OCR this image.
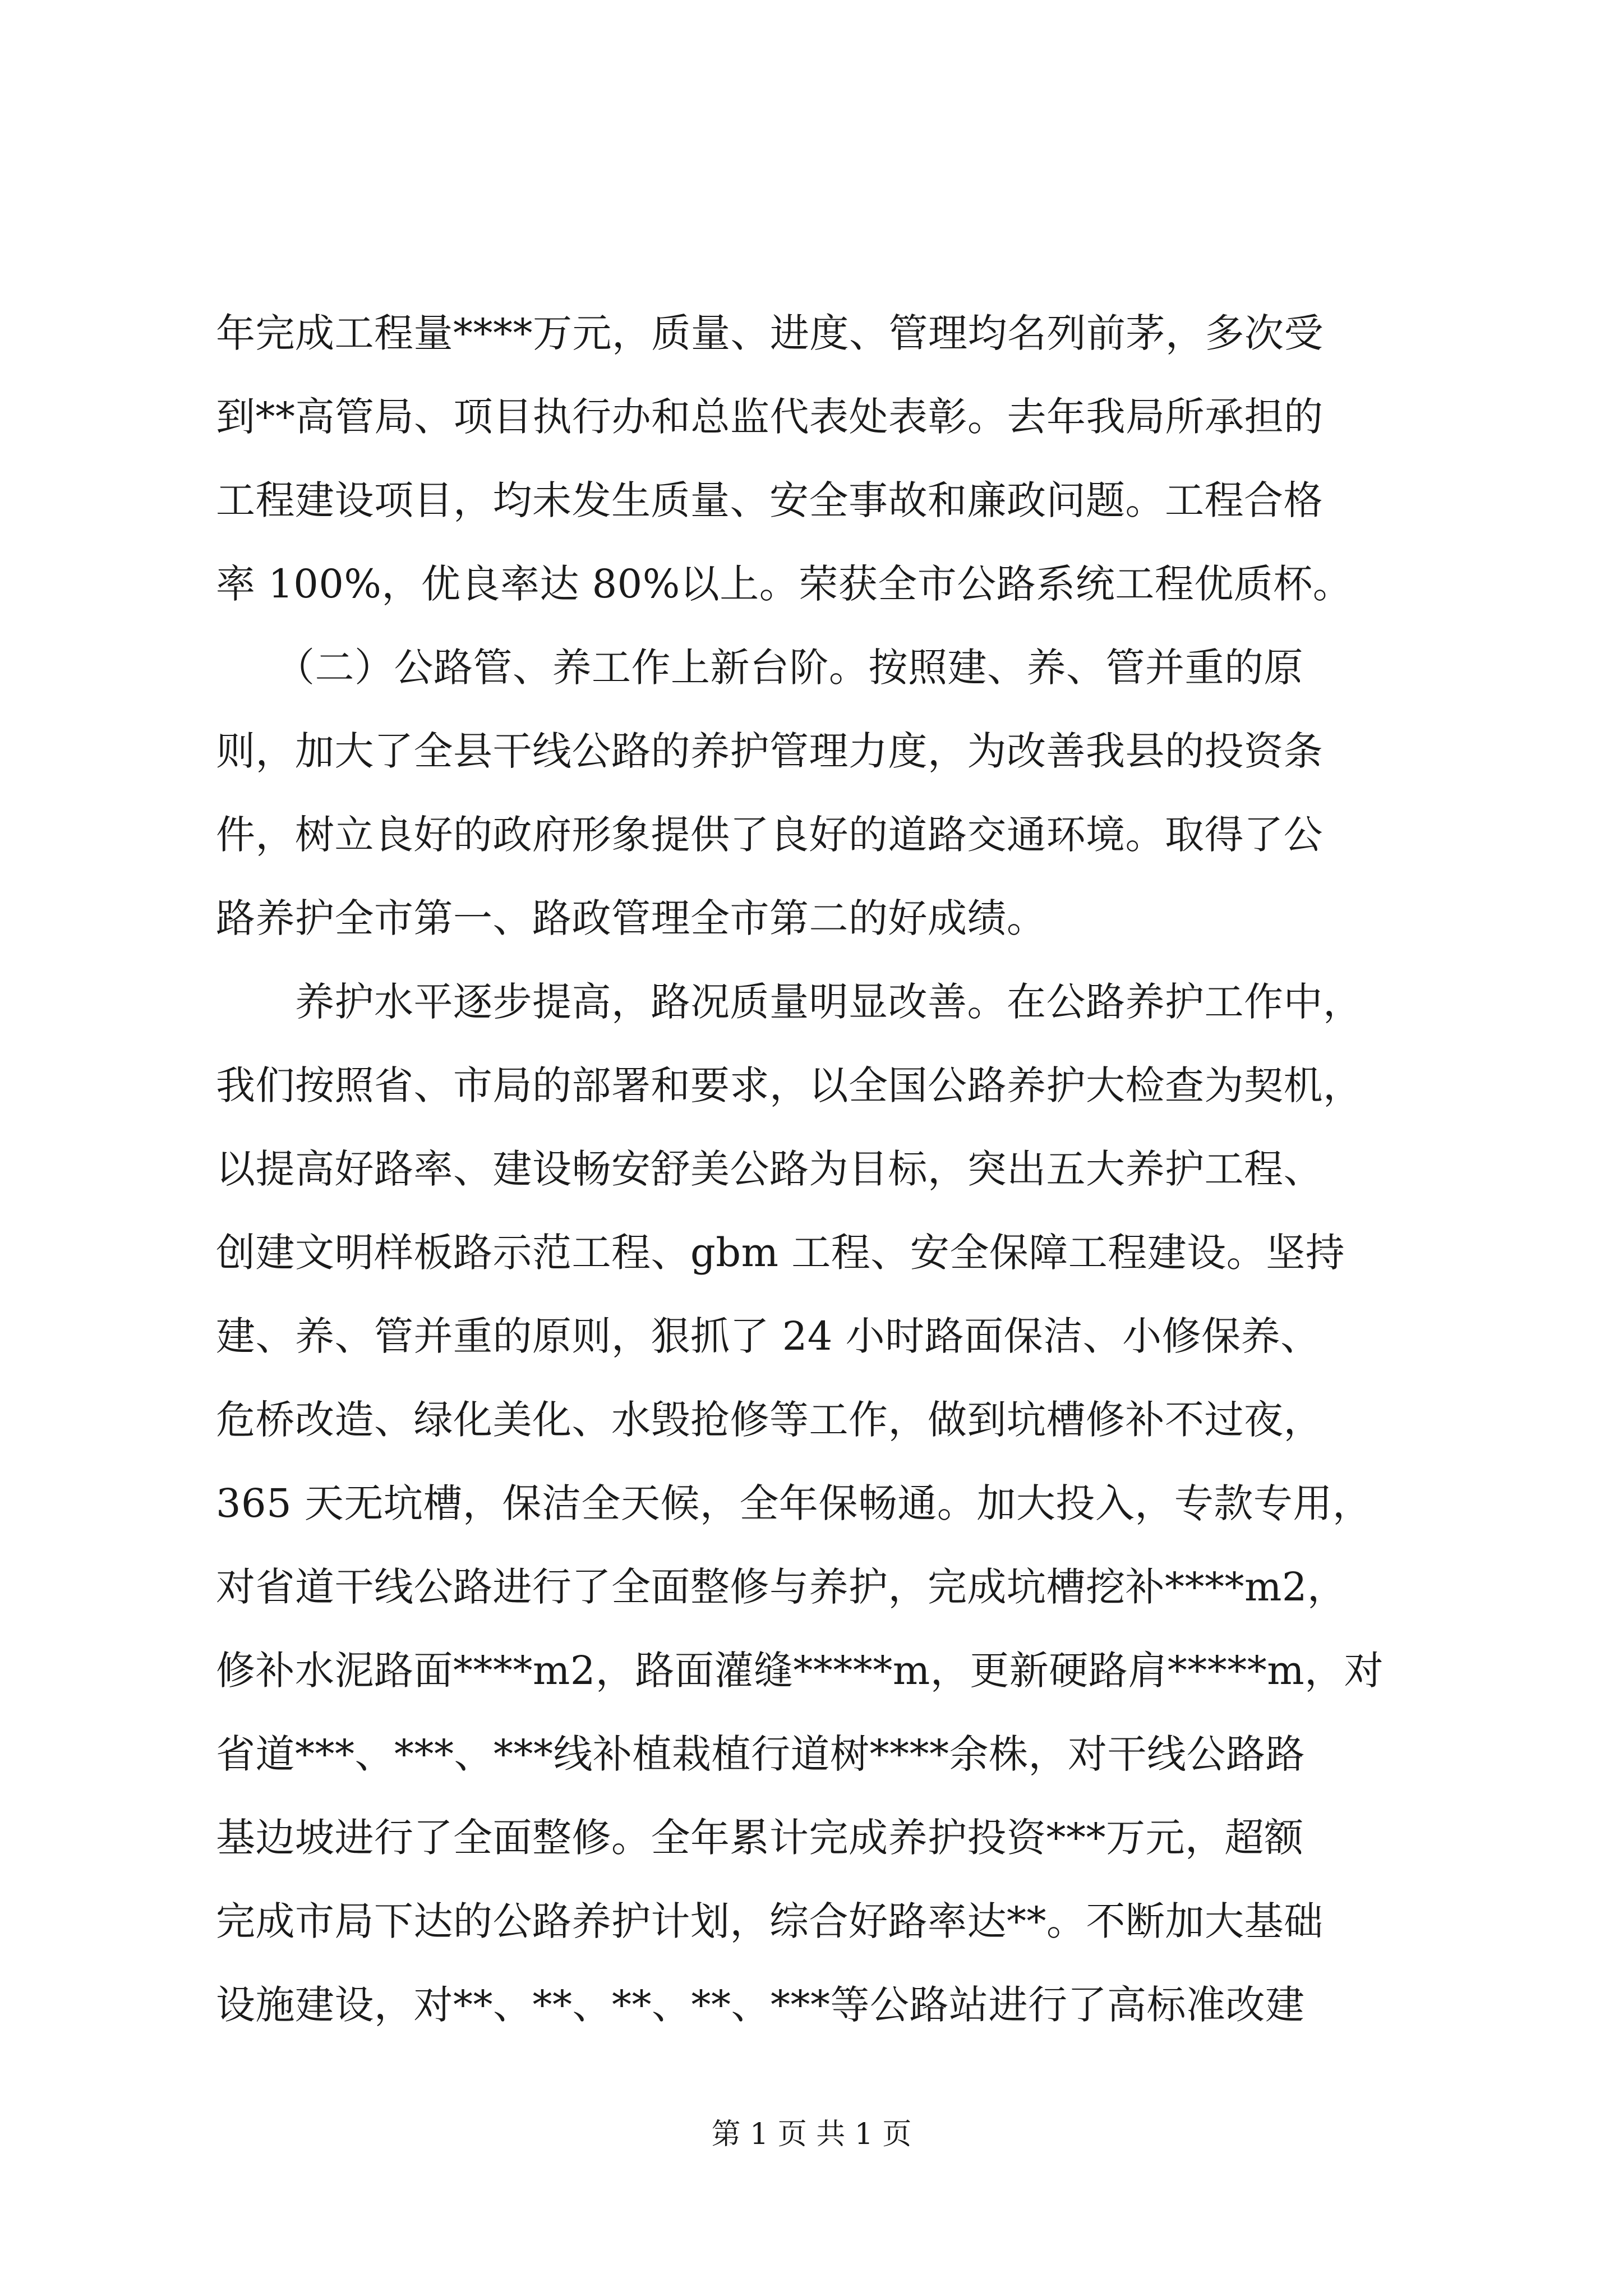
年完成工程量****万元，质量、进度、管理均名列前茅，多次受
到**高管局、项目执行办和总监代表处表彰。去年我局所承担的
工程建设项目，均未发生质量、安全事故和廉政问题。工程合格
率 100%，优良率达 80%以上。荣获全市公路系统工程优质杯。
　　（二）公路管、养工作上新台阶。按照建、养、管并重的原
则，加大了全县干线公路的养护管理力度，为改善我县的投资条
件，树立良好的政府形象提供了良好的道路交通环境。取得了公
路养护全市第一、路政管理全市第二的好成绩。
　　养护水平逐步提高，路况质量明显改善。在公路养护工作中，
我们按照省、市局的部署和要求，以全国公路养护大检查为契机，
以提高好路率、建设畅安舒美公路为目标，突出五大养护工程、
创建文明样板路示范工程、gbm 工程、安全保障工程建设。坚持
建、养、管并重的原则，狠抓了 24 小时路面保洁、小修保养、
危桥改造、绿化美化、水毁抢修等工作，做到坑槽修补不过夜，
365 天无坑槽，保洁全天候，全年保畅通。加大投入，专款专用，
对省道干线公路进行了全面整修与养护，完成坑槽挖补****m2，
修补水泥路面****m2，路面灌缝*****m，更新硬路肩*****m，对
省道***、***、***线补植栽植行道树****余株，对干线公路路
基边坡进行了全面整修。全年累计完成养护投资***万元，超额
完成市局下达的公路养护计划，综合好路率达**。不断加大基础
设施建设，对**、**、**、**、***等公路站进行了高标准改建
第 1 页 共 1 页
